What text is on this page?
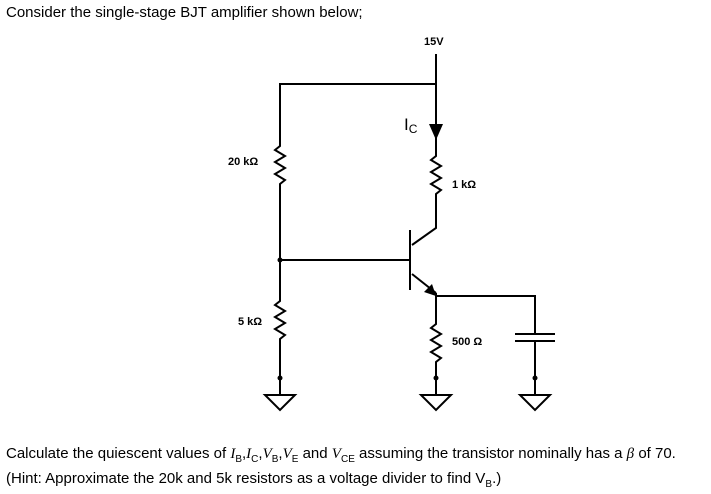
Consider the single-stage BJT amplifier shown below;
15V
IC
20 kΩ
5 kΩ
1 kΩ
500 Ω
Calculate the quiescent values of $I_B,I_C,V_B,V_E$ and $V_{CE}$ assuming the transistor nominally has a β of 70. (Hint: Approximate the 20k and 5k resistors as a voltage divider to find $V_B$.)
